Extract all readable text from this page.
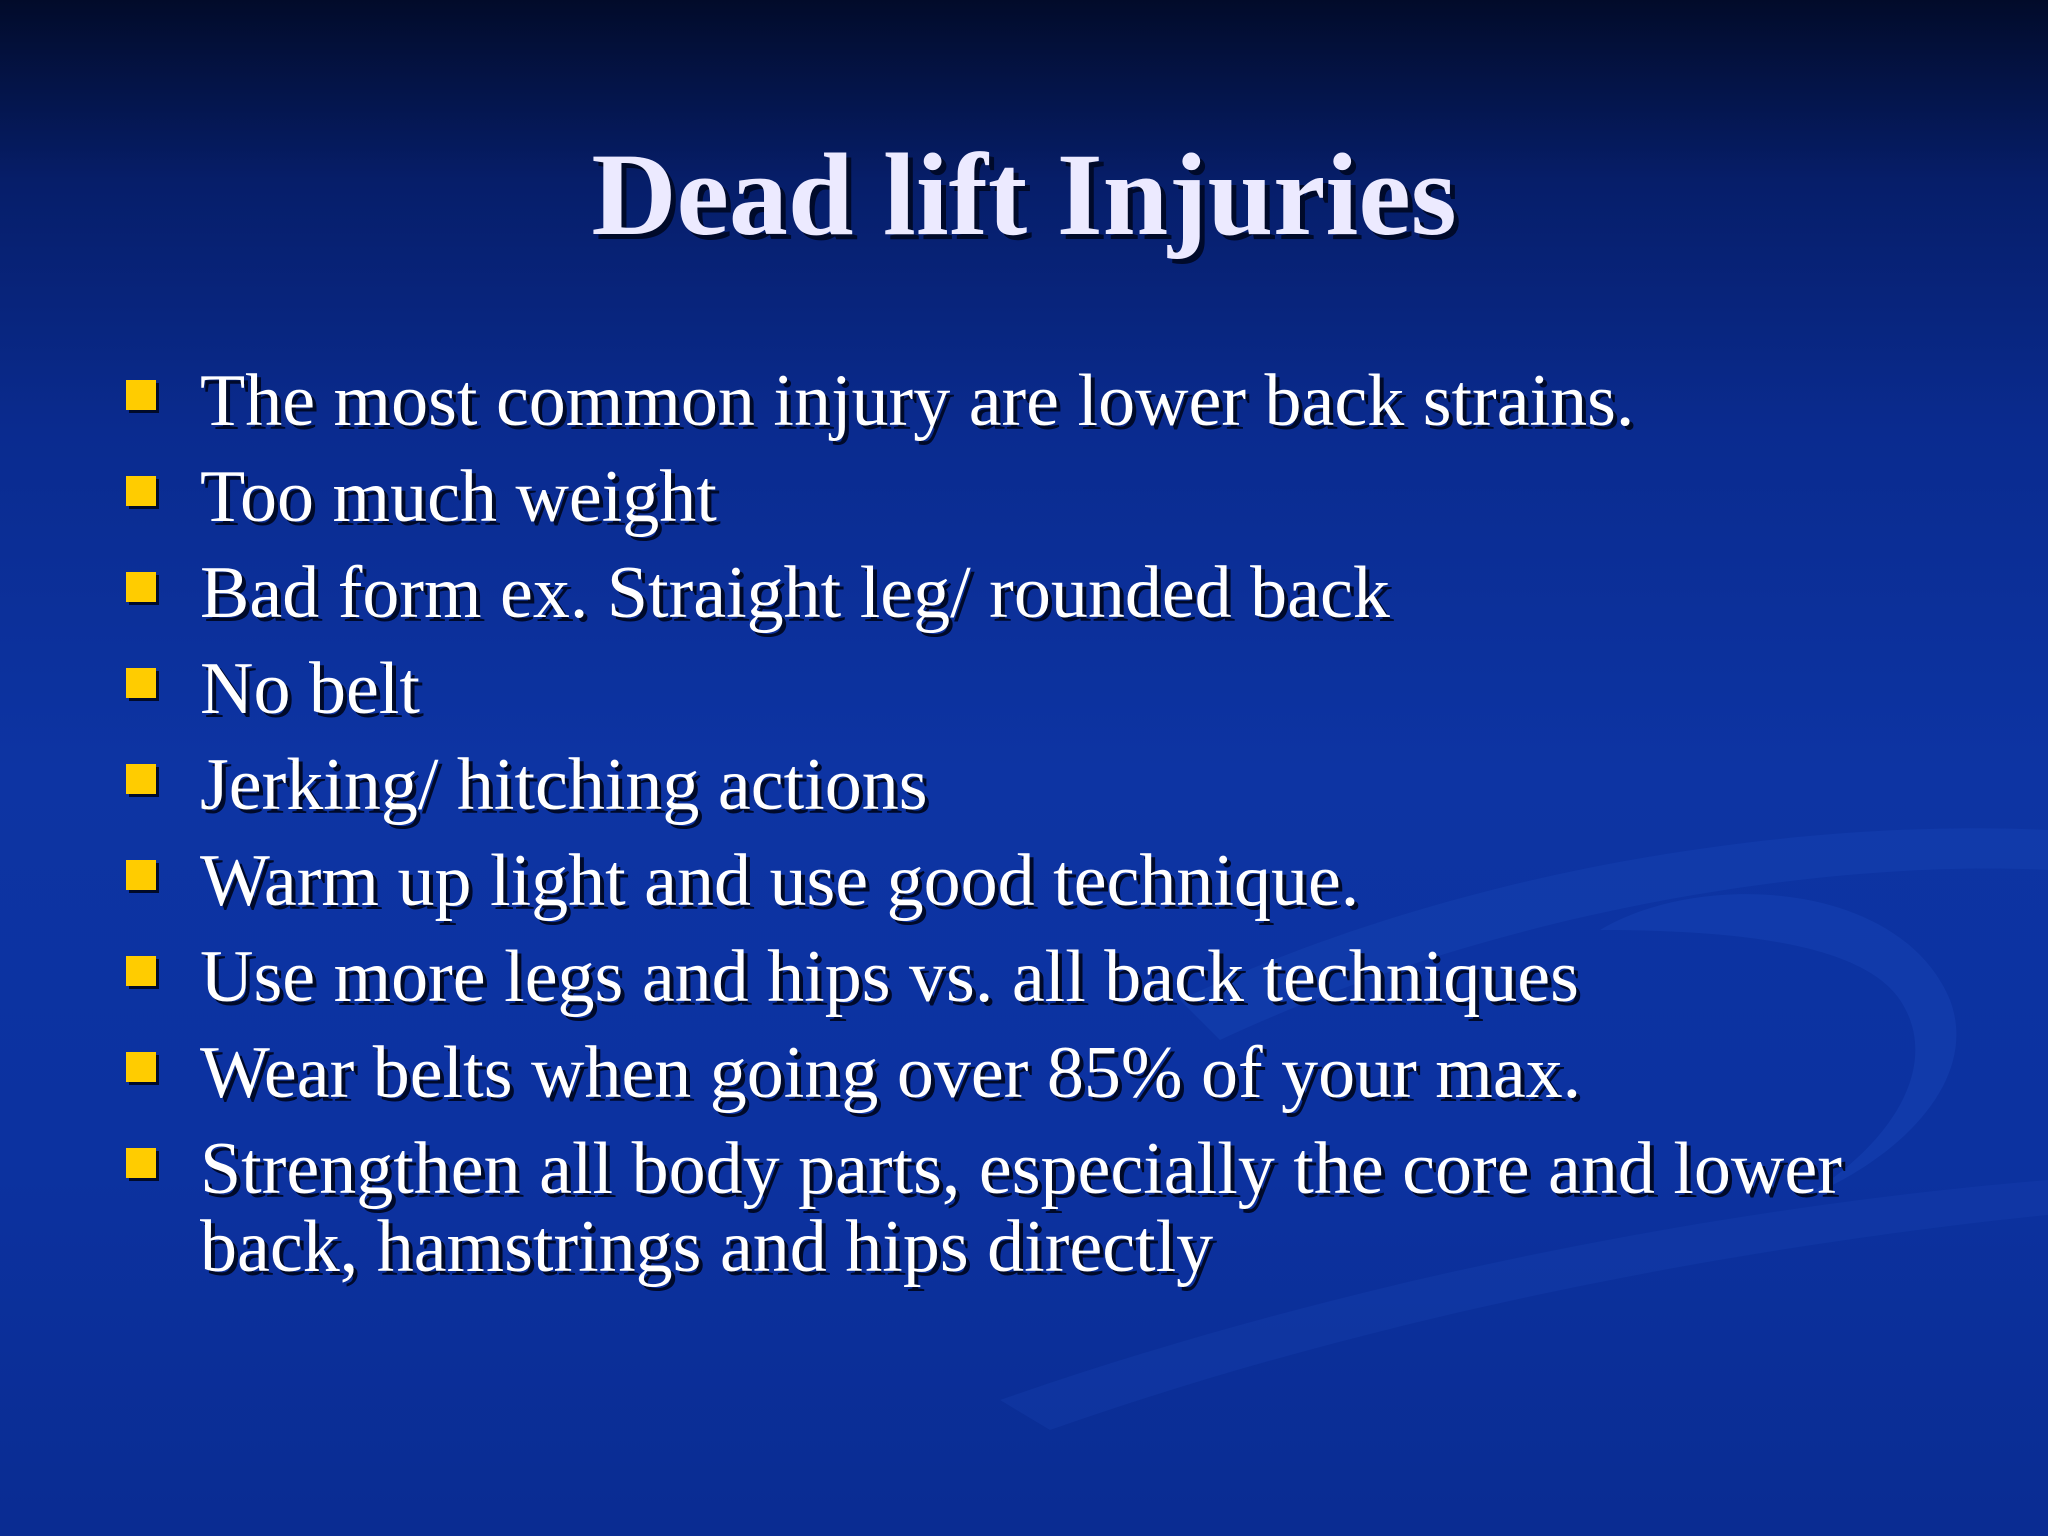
Dead lift Injuries
The most common injury are lower back strains.
Too much weight
Bad form ex. Straight leg/ rounded back
No belt
Jerking/ hitching actions
Warm up light and use good technique.
Use more legs and hips vs. all back techniques
Wear belts when going over 85% of your max.
Strengthen all body parts, especially the core and lower back, hamstrings and hips directly
